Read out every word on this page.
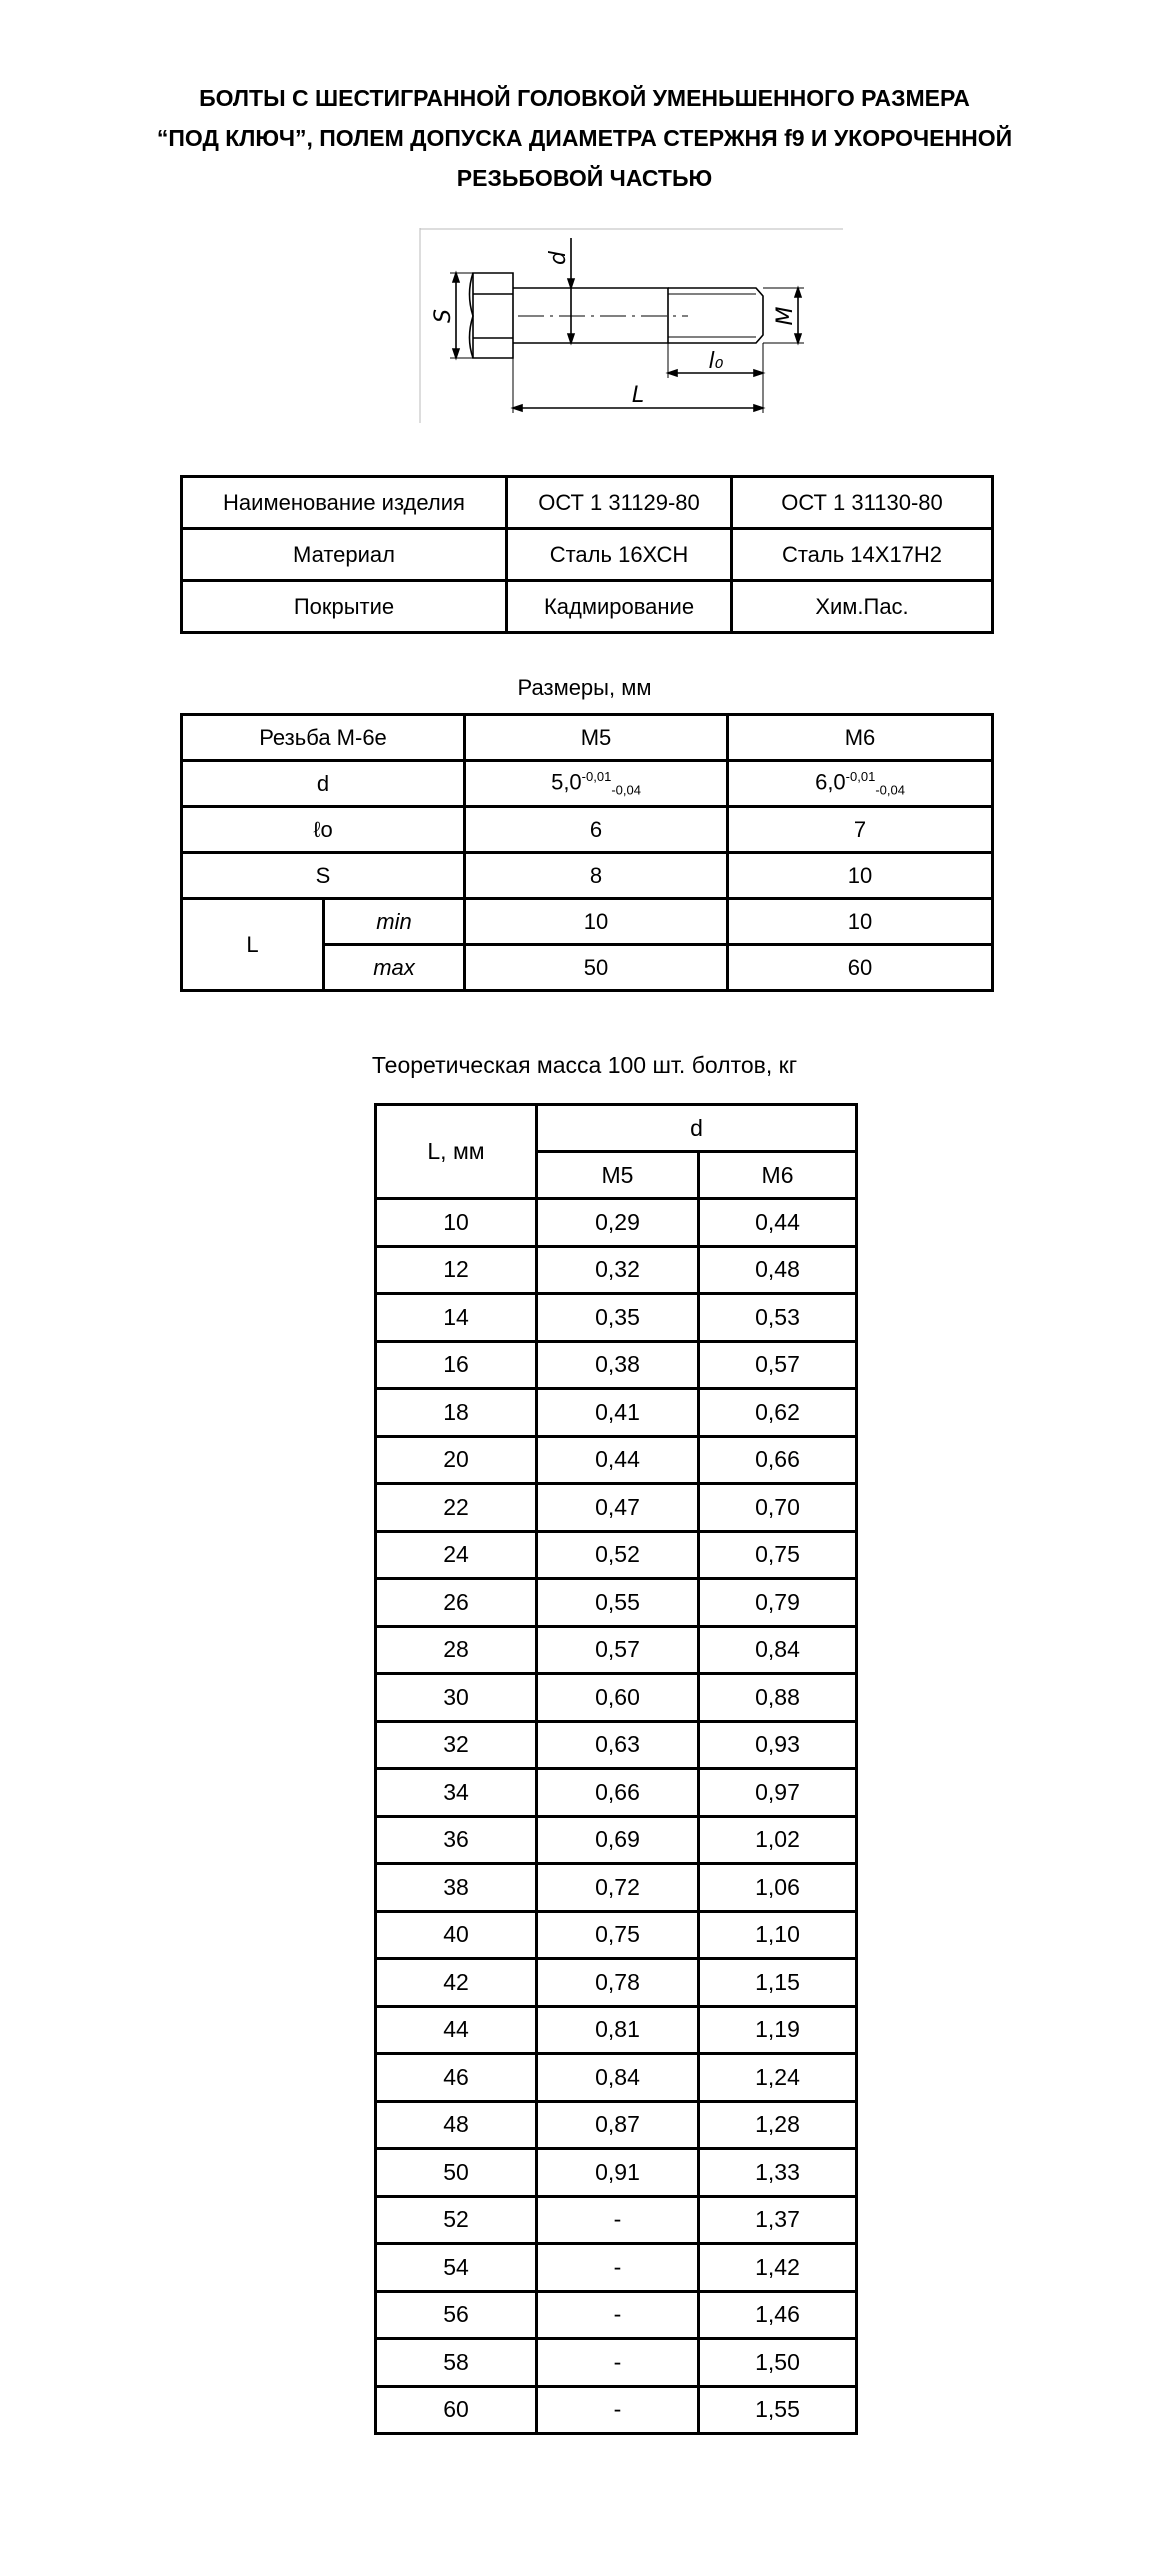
БОЛТЫ С ШЕСТИГРАННОЙ ГОЛОВКОЙ УМЕНЬШЕННОГО РАЗМЕРА
“ПОД КЛЮЧ”, ПОЛЕМ ДОПУСКА ДИАМЕТРА СТЕРЖНЯ f9 И УКОРОЧЕННОЙ
РЕЗЬБОВОЙ ЧАСТЬЮ
S
d
M
l₀
L
Наименование изделия	ОСТ 1 31129-80	ОСТ 1 31130-80
Материал	Сталь 16ХСН	Сталь 14Х17Н2
Покрытие	Кадмирование	Хим.Пас.
Размеры, мм
Резьба М-6е		М5	М6
d		$5,0^{-0,01}_{-0,04}$	$6,0^{-0,01}_{-0,04}$
ℓo		6	7
S		8	10
L	min	10	10
	max	50	60
Теоретическая масса 100 шт. болтов, кг
L, мм	d	
	М5	М6
10	0,29	0,44
12	0,32	0,48
14	0,35	0,53
16	0,38	0,57
18	0,41	0,62
20	0,44	0,66
22	0,47	0,70
24	0,52	0,75
26	0,55	0,79
28	0,57	0,84
30	0,60	0,88
32	0,63	0,93
34	0,66	0,97
36	0,69	1,02
38	0,72	1,06
40	0,75	1,10
42	0,78	1,15
44	0,81	1,19
46	0,84	1,24
48	0,87	1,28
50	0,91	1,33
52	-	1,37
54	-	1,42
56	-	1,46
58	-	1,50
60	-	1,55
